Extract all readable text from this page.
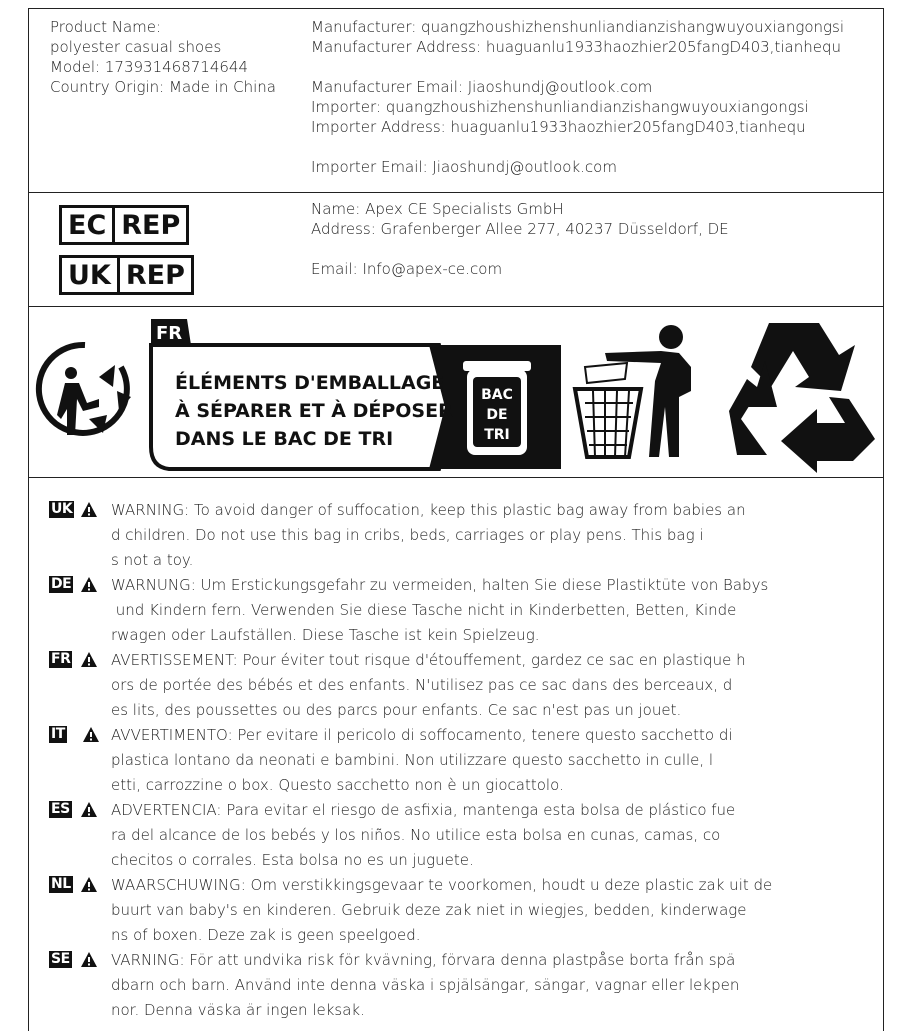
Product Name:
polyester casual shoes
Model: 173931468714644
Country Origin: Made in China
Manufacturer: quangzhoushizhenshunliandianzishangwuyouxiangongsi
Manufacturer Address: huaguanlu1933haozhier205fangD403,tianhequ
Manufacturer Email: Jiaoshundj@outlook.com
Importer: quangzhoushizhenshunliandianzishangwuyouxiangongsi
Importer Address: huaguanlu1933haozhier205fangD403,tianhequ
Importer Email: Jiaoshundj@outlook.com
EC REP
UK REP
Name: Apex CE Specialists GmbH
Address: Grafenberger Allee 277, 40237 Düsseldorf, DE
Email: Info@apex-ce.com
FR
ÉLÉMENTS D'EMBALLAGE
À SÉPARER ET À DÉPOSER
DANS LE BAC DE TRI
BAC
DE
TRI
UK	WARNING: To avoid danger of suffocation, keep this plastic bag away from babies an
d children. Do not use this bag in cribs, beds, carriages or play pens. This bag i
s not a toy.
DE	WARNUNG: Um Erstickungsgefahr zu vermeiden, halten Sie diese Plastiktüte von Babys
und Kindern fern. Verwenden Sie diese Tasche nicht in Kinderbetten, Betten, Kinde
rwagen oder Laufställen. Diese Tasche ist kein Spielzeug.
FR	AVERTISSEMENT: Pour éviter tout risque d'étouffement, gardez ce sac en plastique h
ors de portée des bébés et des enfants. N'utilisez pas ce sac dans des berceaux, d
es lits, des poussettes ou des parcs pour enfants. Ce sac n'est pas un jouet.
IT	AVVERTIMENTO: Per evitare il pericolo di soffocamento, tenere questo sacchetto di
plastica lontano da neonati e bambini. Non utilizzare questo sacchetto in culle, l
etti, carrozzine o box. Questo sacchetto non è un giocattolo.
ES	ADVERTENCIA: Para evitar el riesgo de asfixia, mantenga esta bolsa de plástico fue
ra del alcance de los bebés y los niños. No utilice esta bolsa en cunas, camas, co
checitos o corrales. Esta bolsa no es un juguete.
NL	WAARSCHUWING: Om verstikkingsgevaar te voorkomen, houdt u deze plastic zak uit de
buurt van baby's en kinderen. Gebruik deze zak niet in wiegjes, bedden, kinderwage
ns of boxen. Deze zak is geen speelgoed.
SE	VARNING: För att undvika risk för kvävning, förvara denna plastpåse borta från spä
dbarn och barn. Använd inte denna väska i spjälsängar, sängar, vagnar eller lekpen
nor. Denna väska är ingen leksak.
